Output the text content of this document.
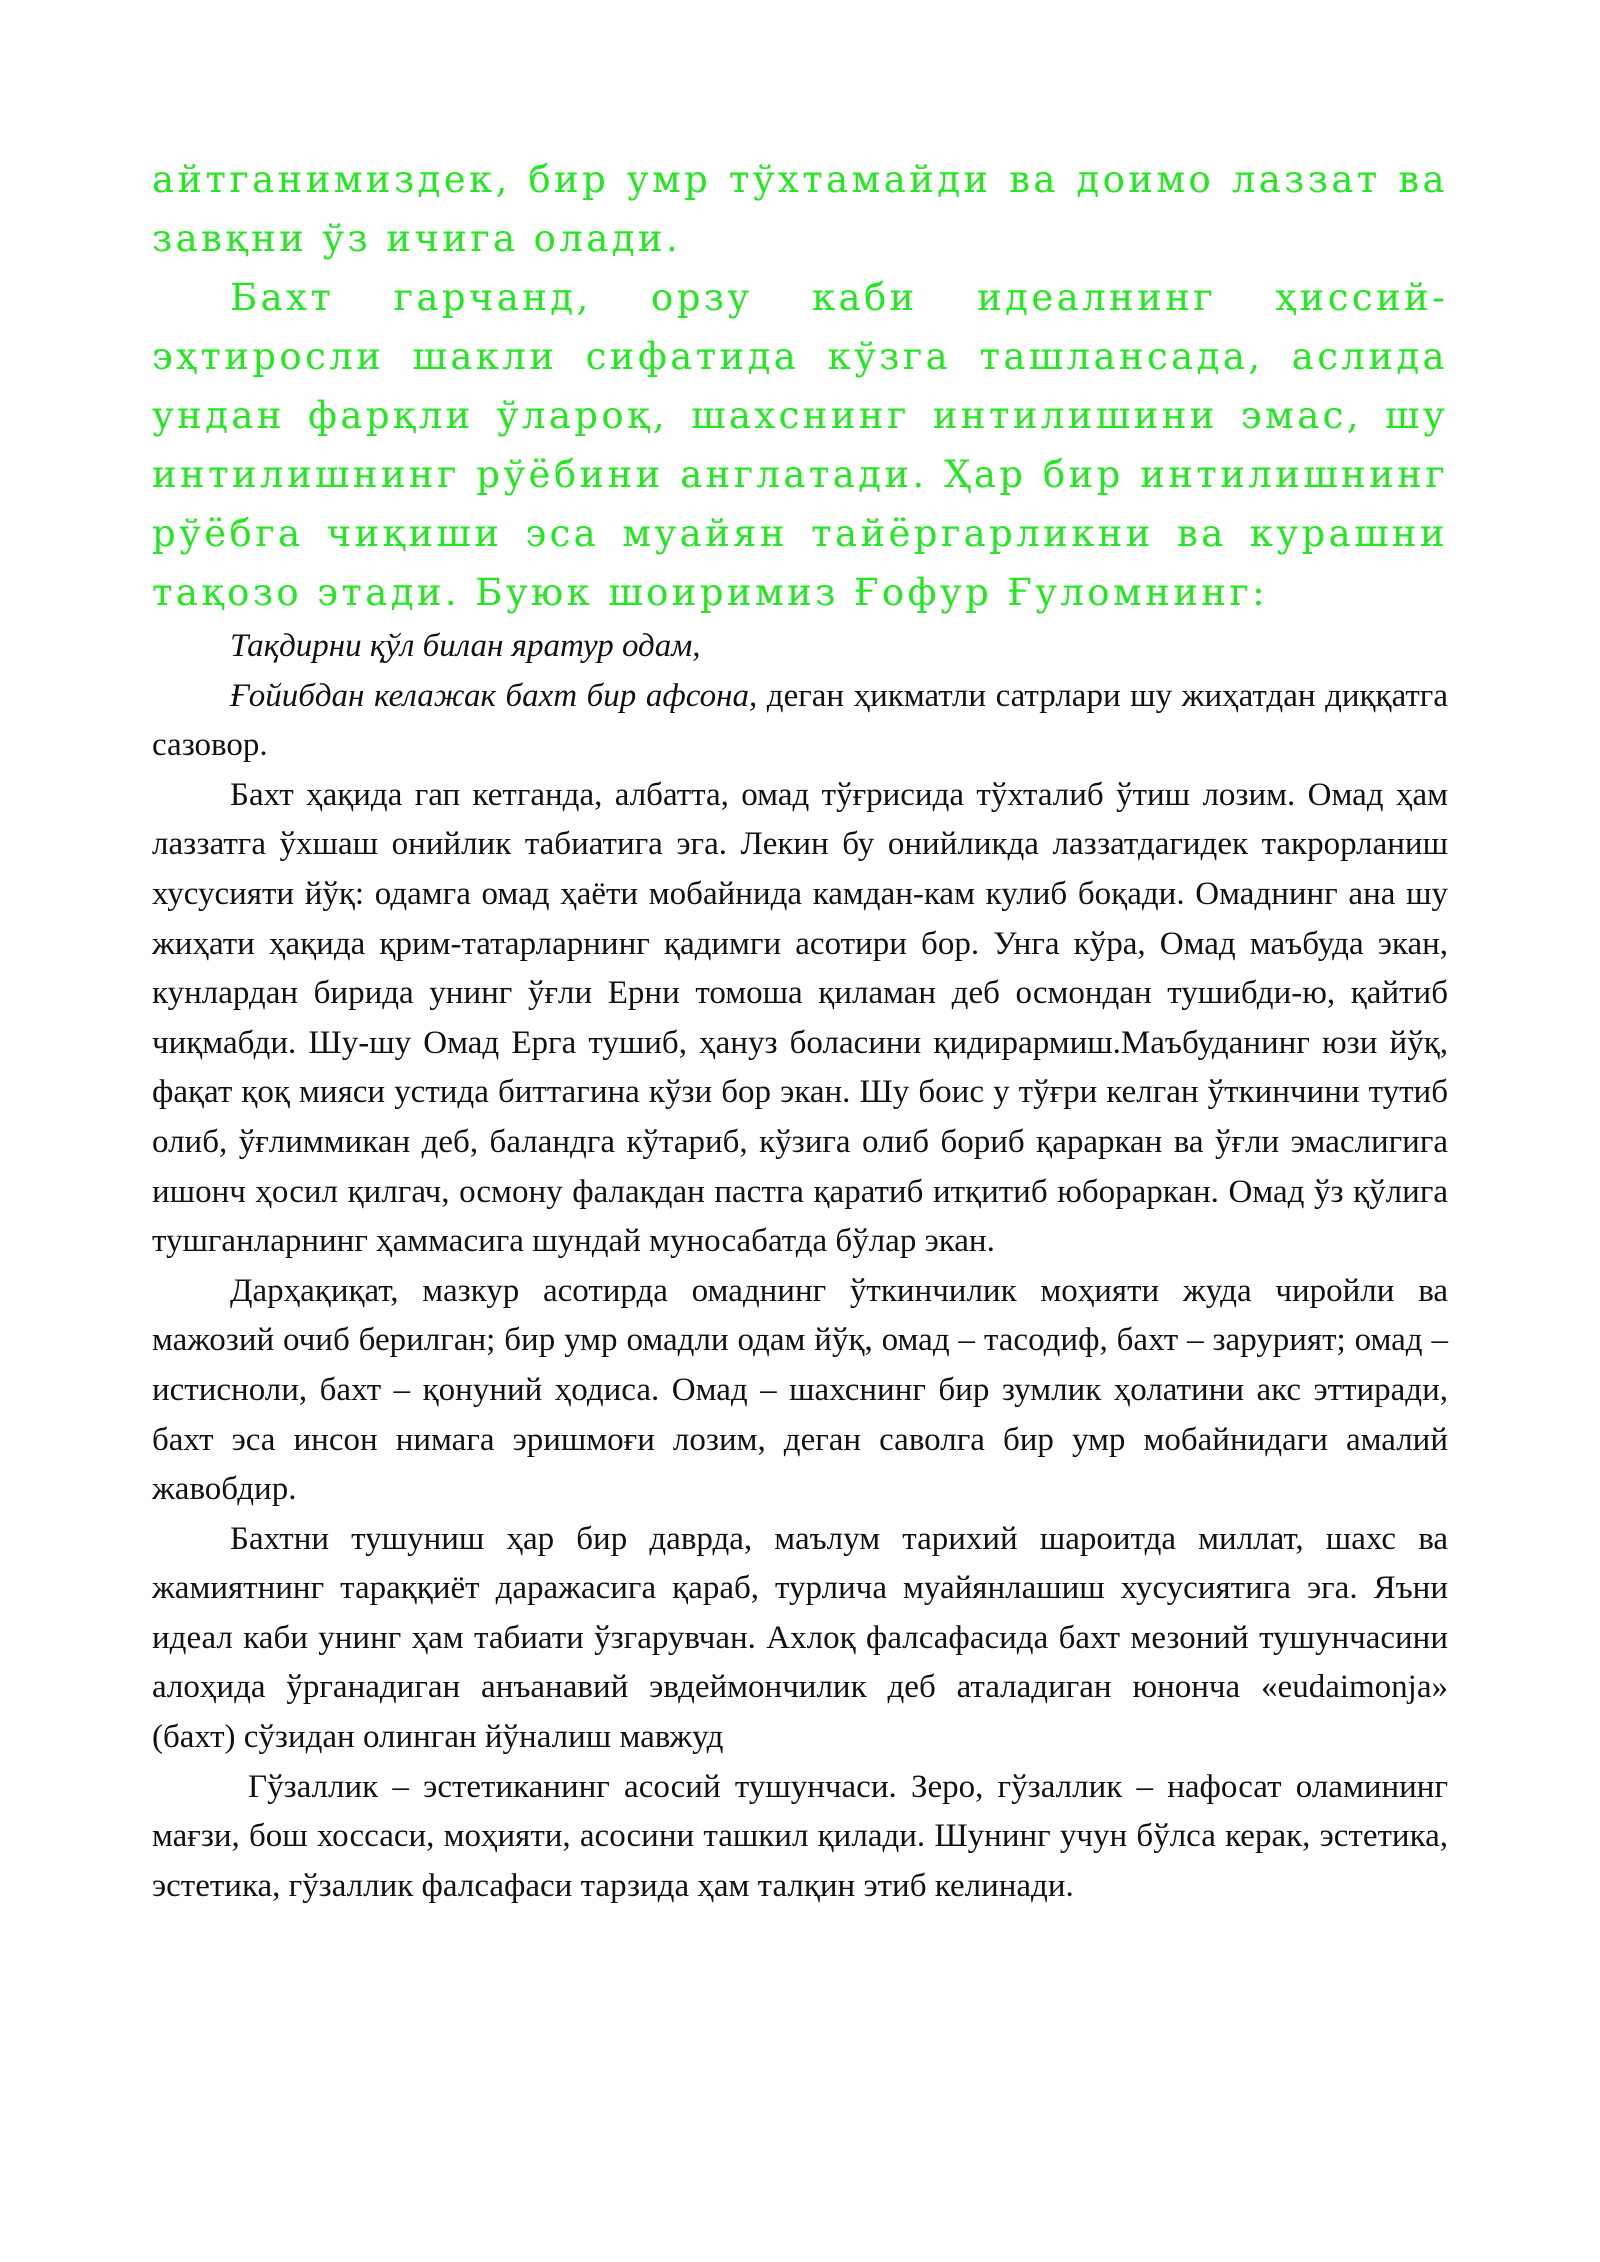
айтганимиздек, бир умр тўхтамайди ва доимо лаззат ва завқни ўз ичига олади.

Бахт гарчанд, орзу каби идеалнинг ҳиссий-эҳтиросли шакли сифатида кўзга ташлансада, аслида ундан фарқли ўлароқ, шахснинг интилишини эмас, шу интилишнинг рўёбини англатади. Ҳар бир интилишнинг рўёбга чиқиши эса муайян тайёргарликни ва курашни тақозо этади. Буюк шоиримиз Ғофур Ғуломнинг:

Тақдирни қўл билан яратур одам,

Ғойибдан келажак бахт бир афсона, деган ҳикматли сатрлари шу жиҳатдан диққатга сазовор.

Бахт ҳақида гап кетганда, албатта, омад тўғрисида тўхталиб ўтиш лозим. Омад ҳам лаззатга ўхшаш онийлик табиатига эга. Лекин бу онийликда лаззатдагидек такрорланиш хусусияти йўқ: одамга омад ҳаёти мобайнида камдан-кам кулиб боқади. Омаднинг ана шу жиҳати ҳақида қрим-татарларнинг қадимги асотири бор. Унга кўра, Омад маъбуда экан, кунлардан бирида унинг ўғли Ерни томоша қиламан деб осмондан тушибди-ю, қайтиб чиқмабди. Шу-шу Омад Ерга тушиб, ҳануз боласини қидирармиш.Маъбуданинг юзи йўқ, фақат қоқ мияси устида биттагина кўзи бор экан. Шу боис у тўғри келган ўткинчини тутиб олиб, ўғлиммикан деб, баландга кўтариб, кўзига олиб бориб қараркан ва ўғли эмаслигига ишонч ҳосил қилгач, осмону фалакдан пастга қаратиб итқитиб юбораркан. Омад ўз қўлига тушганларнинг ҳаммасига шундай муносабатда бўлар экан.

Дарҳақиқат, мазкур асотирда омаднинг ўткинчилик моҳияти жуда чиройли ва мажозий очиб берилган; бир умр омадли одам йўқ, омад – тасодиф, бахт – зарурият; омад – истисноли, бахт – қонуний ҳодиса. Омад – шахснинг бир зумлик ҳолатини акс эттиради, бахт эса инсон нимага эришмоғи лозим, деган саволга бир умр мобайнидаги амалий жавобдир.

Бахтни тушуниш ҳар бир даврда, маълум тарихий шароитда миллат, шахс ва жамиятнинг тараққиёт даражасига қараб, турлича муайянлашиш хусусиятига эга. Яъни идеал каби унинг ҳам табиати ўзгарувчан. Ахлоқ фалсафасида бахт мезоний тушунчасини алоҳида ўрганадиган анъанавий эвдеймончилик деб аталадиган юнонча «eudaimonja» (бахт) сўзидан олинган йўналиш мавжуд

Гўзаллик – эстетиканинг асосий тушунчаси. Зеро, гўзаллик – нафосат оламининг мағзи, бош хоссаси, моҳияти, асосини ташкил қилади. Шунинг учун бўлса керак, эстетика, эстетика, гўзаллик фалсафаси тарзида ҳам талқин этиб келинади.
